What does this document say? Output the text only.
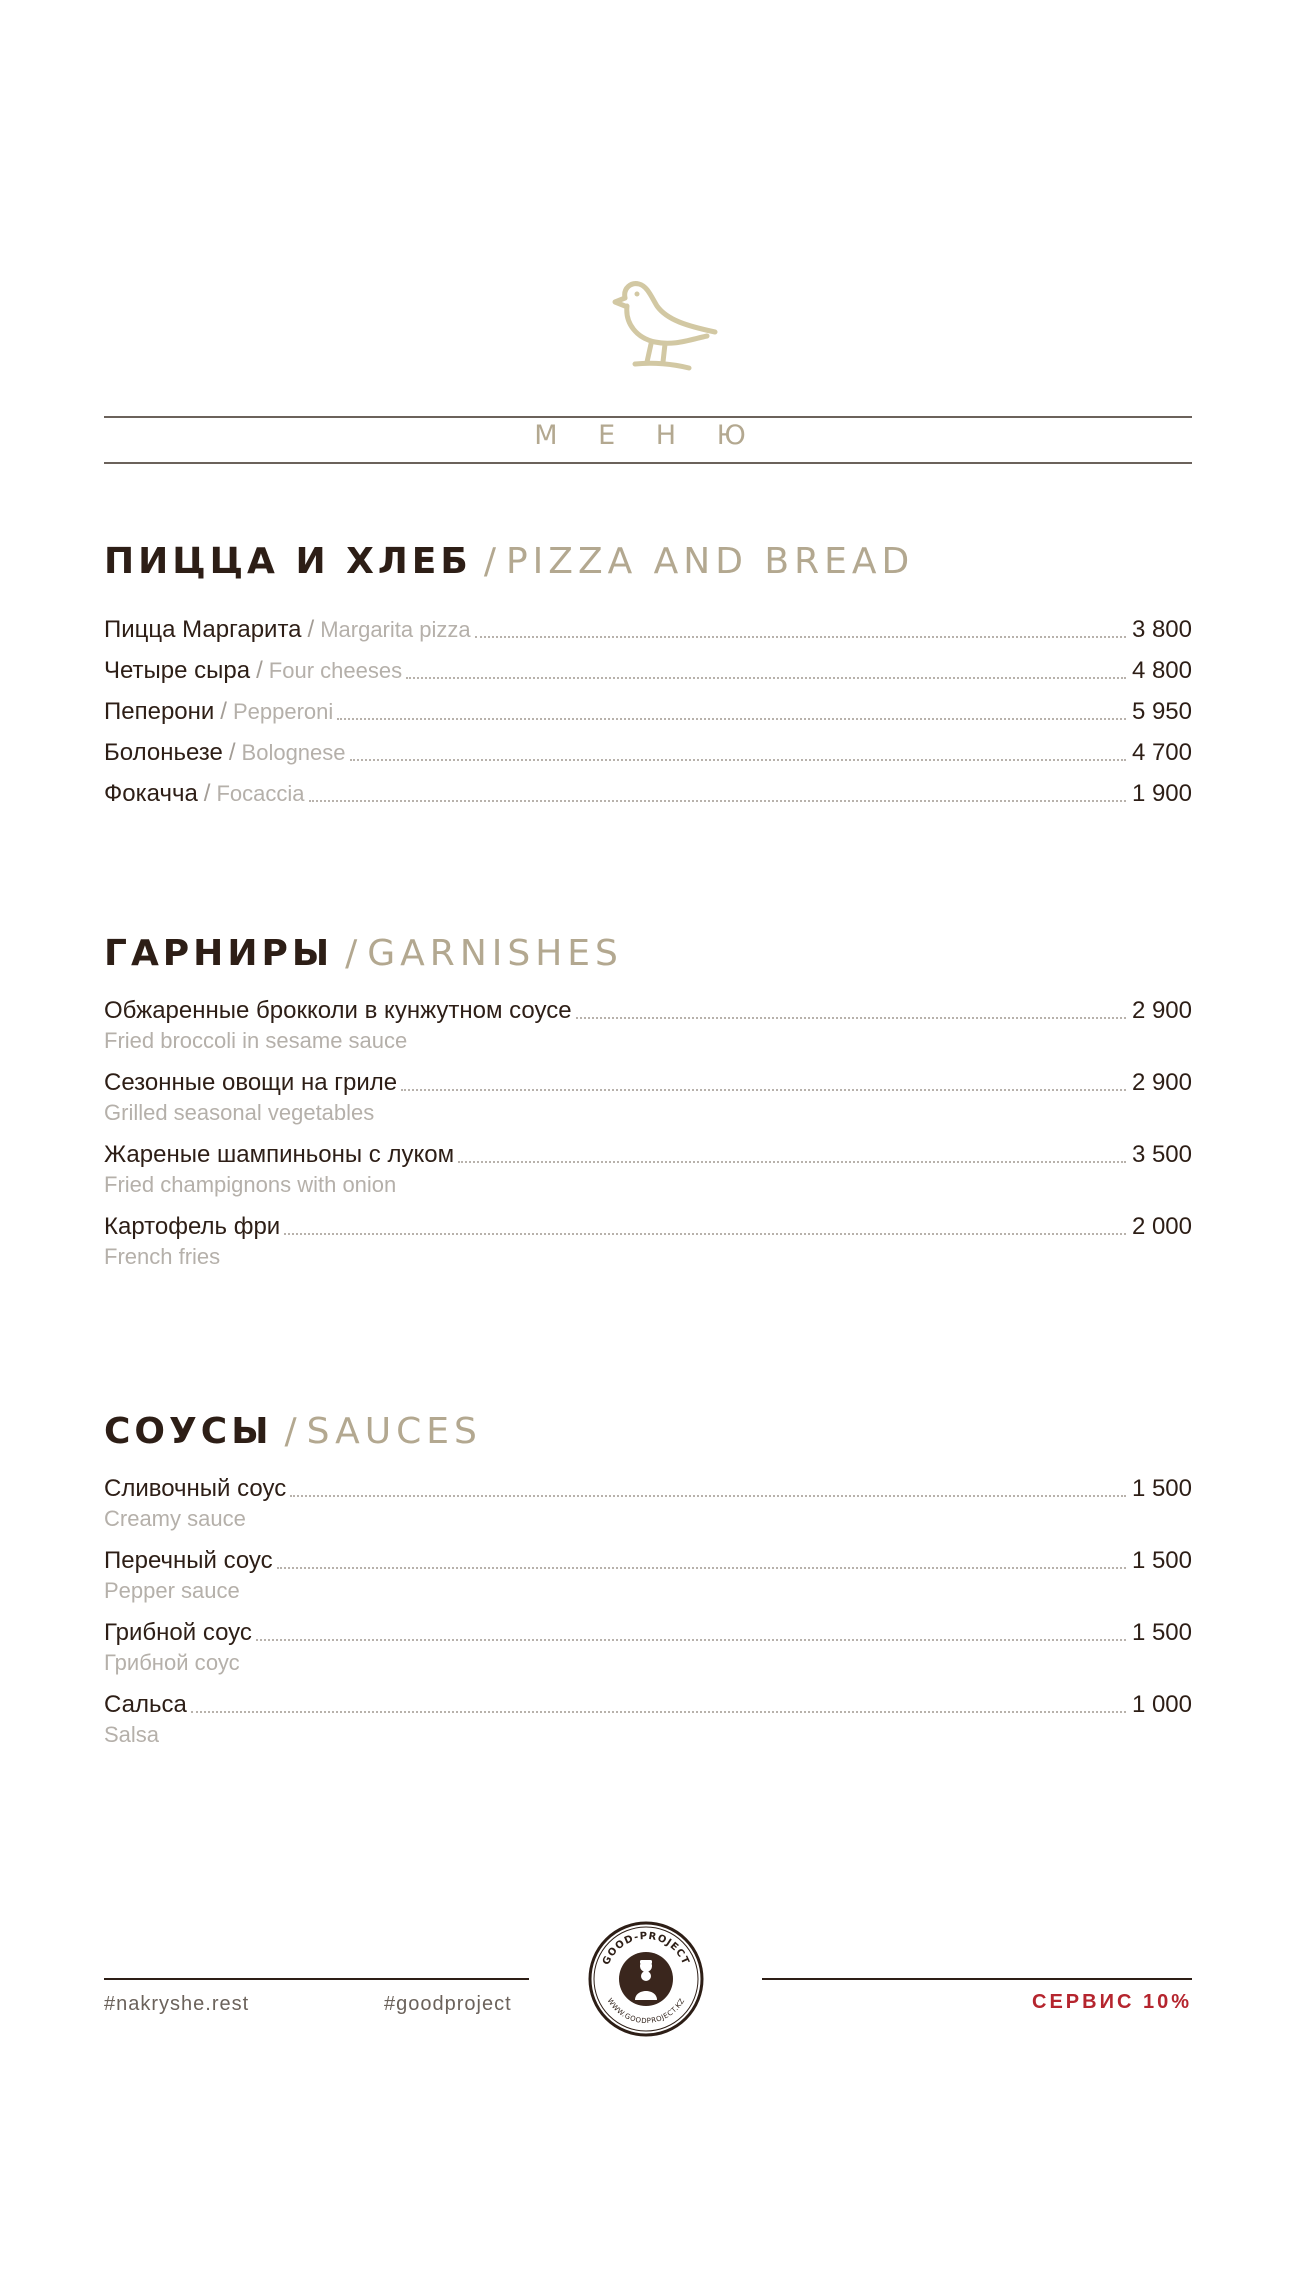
М Е Н Ю
ПИЦЦА И ХЛЕБ / PIZZA AND BREAD
Пицца Маргарита / Margarita pizza	3 800
Четыре сыра / Four cheeses	4 800
Пеперони / Pepperoni	5 950
Болоньезе / Bolognese	4 700
Фокачча / Focaccia	1 900
ГАРНИРЫ / GARNISHES
Обжаренные брокколи в кунжутном соусе	2 900
Fried broccoli in sesame sauce
Сезонные овощи на гриле	2 900
Grilled seasonal vegetables
Жареные шампиньоны с луком	3 500
Fried champignons with onion
Картофель фри	2 000
French fries
СОУСЫ / SAUCES
Сливочный соус	1 500
Creamy sauce
Перечный соус	1 500
Pepper sauce
Грибной соус	1 500
Грибной соус
Сальса	1 000
Salsa
#nakryshe.rest	#goodproject	СЕРВИС 10%
GOOD-PROJECT
WWW.GOODPROJECT.KZ
